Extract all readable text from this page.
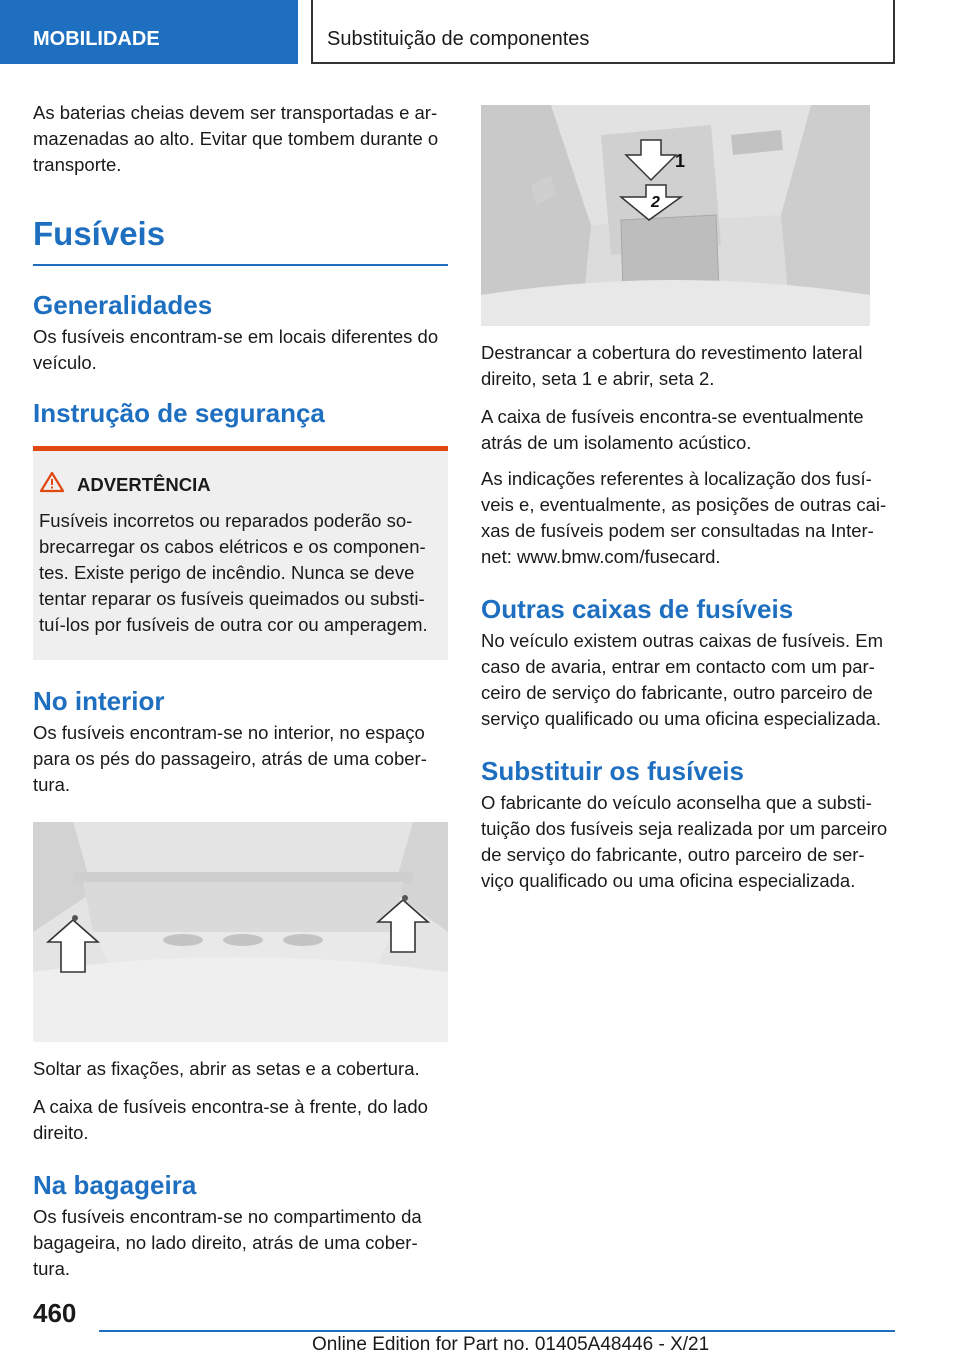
MOBILIDADE	Substituição de componentes

As baterias cheias devem ser transportadas e ar-mazenadas ao alto. Evitar que tombem durante o transporte.

Fusíveis
Generalidades

Os fusíveis encontram-se em locais diferentes do veículo.

Instrução de segurança
ADVERTÊNCIA

Fusíveis incorretos ou reparados poderão so-brecarregar os cabos elétricos e os componen-tes. Existe perigo de incêndio. Nunca se deve tentar reparar os fusíveis queimados ou substi-tuí-los por fusíveis de outra cor ou amperagem.

No interior

Os fusíveis encontram-se no interior, no espaço para os pés do passageiro, atrás de uma cober-tura.

Soltar as fixações, abrir as setas e a cobertura.

A caixa de fusíveis encontra-se à frente, do lado direito.

Na bagageira

Os fusíveis encontram-se no compartimento da bagageira, no lado direito, atrás de uma cober-tura.

1
2

Destrancar a cobertura do revestimento lateral direito, seta 1 e abrir, seta 2.

A caixa de fusíveis encontra-se eventualmente atrás de um isolamento acústico.

As indicações referentes à localização dos fusí-veis e, eventualmente, as posições de outras cai-xas de fusíveis podem ser consultadas na Inter-net: www.bmw.com/fusecard.

Outras caixas de fusíveis

No veículo existem outras caixas de fusíveis. Em caso de avaria, entrar em contacto com um par-ceiro de serviço do fabricante, outro parceiro de serviço qualificado ou uma oficina especializada.

Substituir os fusíveis

O fabricante do veículo aconselha que a substi-tuição dos fusíveis seja realizada por um parceiro de serviço do fabricante, outro parceiro de ser-viço qualificado ou uma oficina especializada.

460
Online Edition for Part no. 01405A48446 - X/21
